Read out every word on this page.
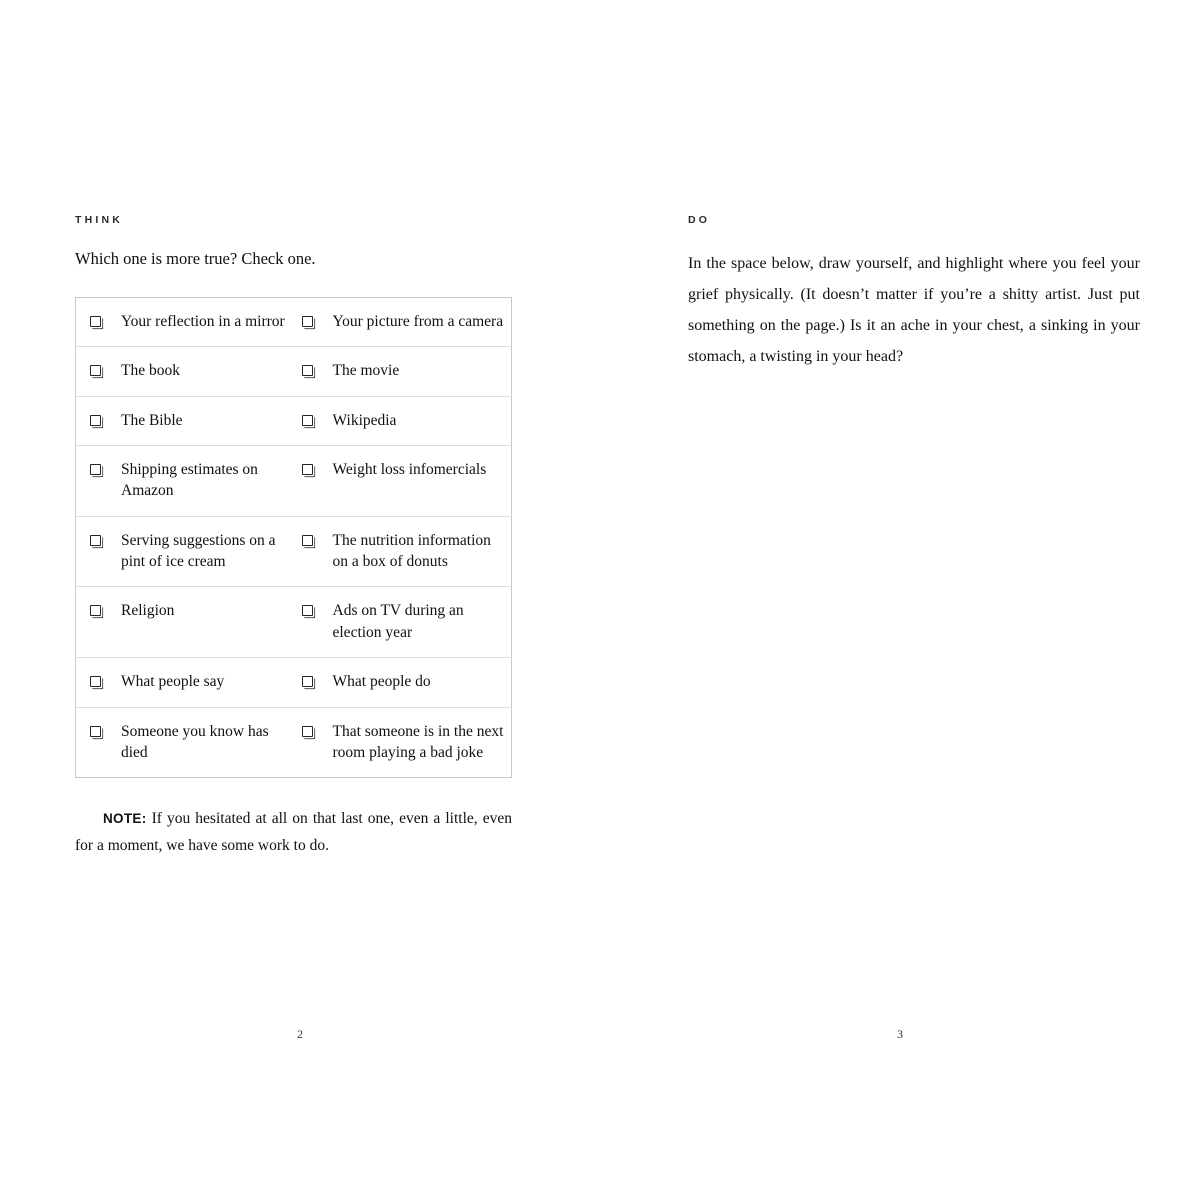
THINK

Which one is more true? Check one.

Your reflection in a mirror	Your picture from a camera

The book	The movie

The Bible	Wikipedia

Shipping estimates on Amazon	Weight loss infomercials

Serving suggestions on a pint of ice cream	The nutrition information on a box of donuts

Religion	Ads on TV during an election year

What people say	What people do

Someone you know has died	That someone is in the next room playing a bad joke

NOTE: If you hesitated at all on that last one, even a little, even for a moment, we have some work to do.

2
DO

In the space below, draw yourself, and highlight where you feel your grief physically. (It doesn’t matter if you’re a shitty artist. Just put something on the page.) Is it an ache in your chest, a sinking in your stomach, a twisting in your head?

3
